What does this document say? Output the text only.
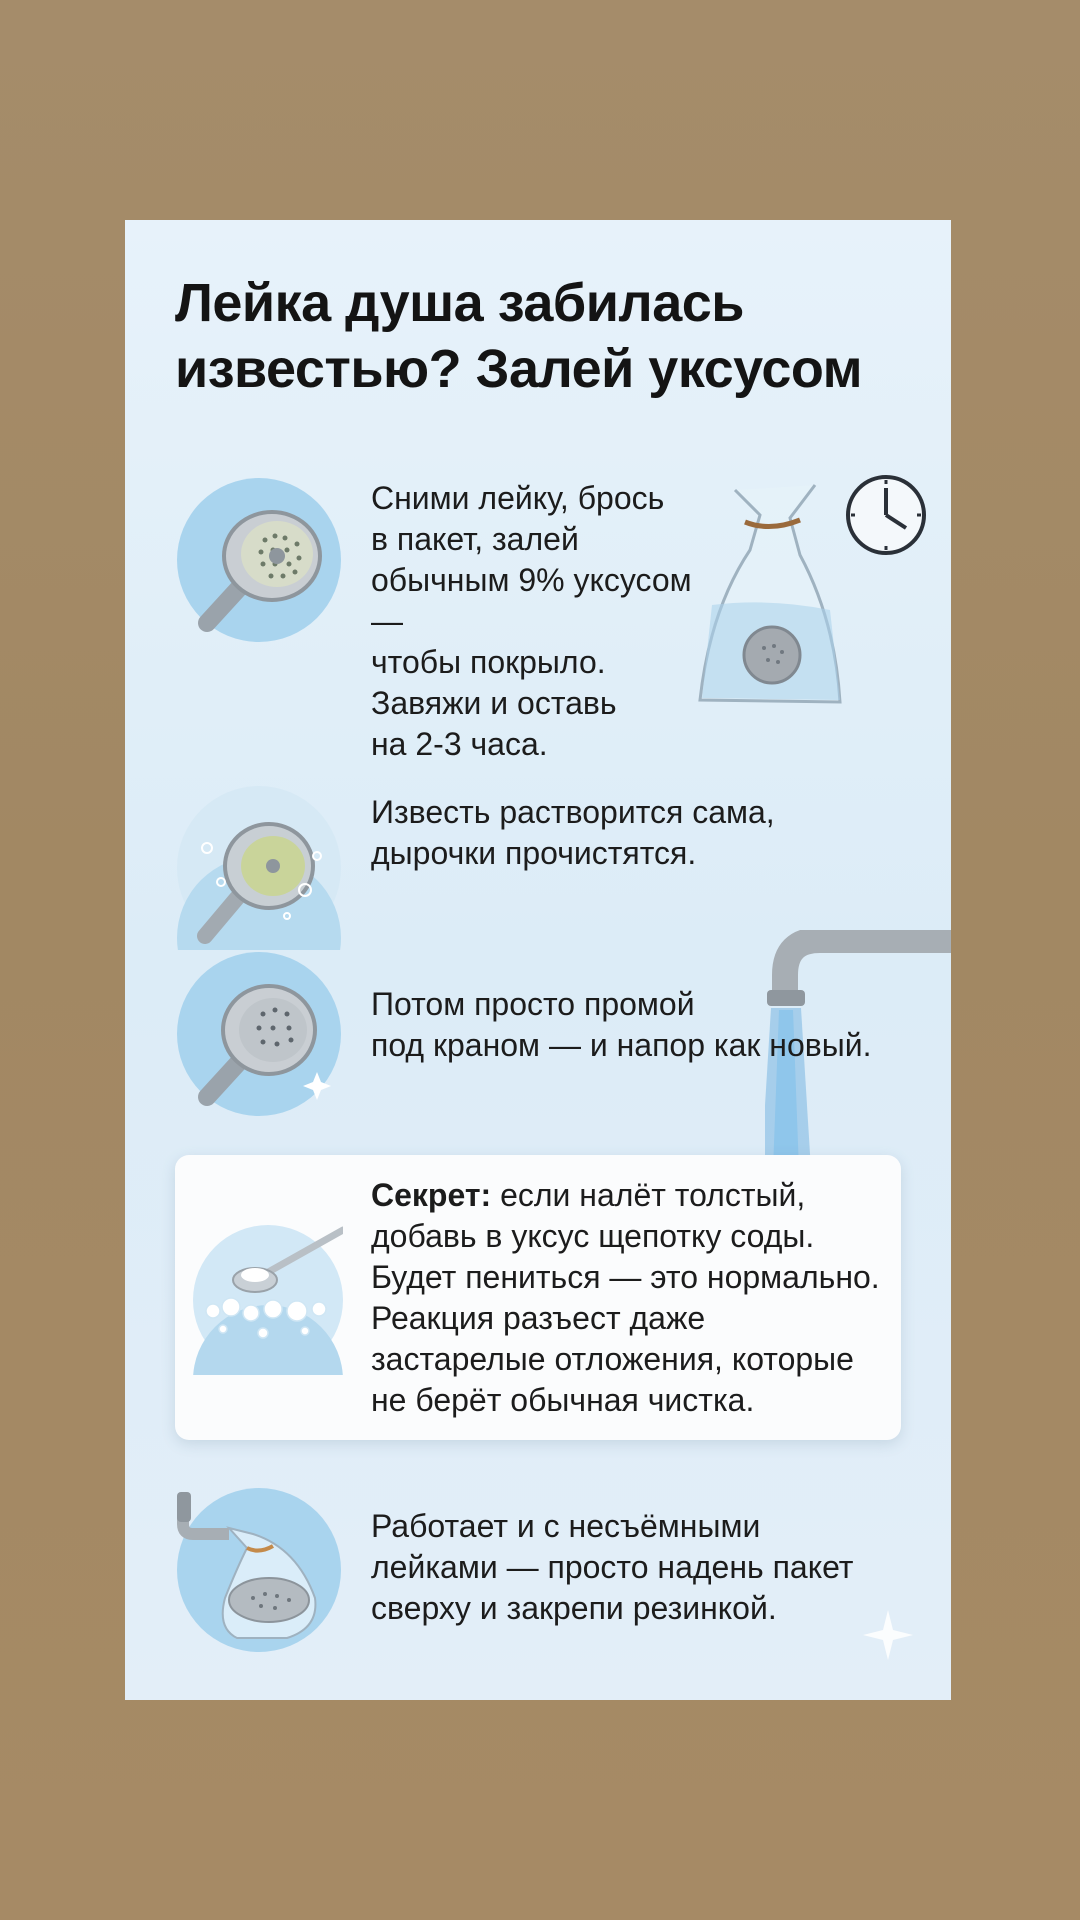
Лейка душа забилась известью? Залей уксусом

Сними лейку, брось
в пакет, залей
обычным 9% уксусом —
чтобы покрыло.
Завяжи и оставь
на 2-3 часа.

Известь растворится сама,
дырочки прочистятся.

Потом просто промой
под краном — и напор как новый.

Секрет: если налёт толстый,
добавь в уксус щепотку соды.
Будет пениться — это нормально.
Реакция разъест даже
застарелые отложения, которые
не берёт обычная чистка.

Работает и с несъёмными
лейками — просто надень пакет
сверху и закрепи резинкой.
